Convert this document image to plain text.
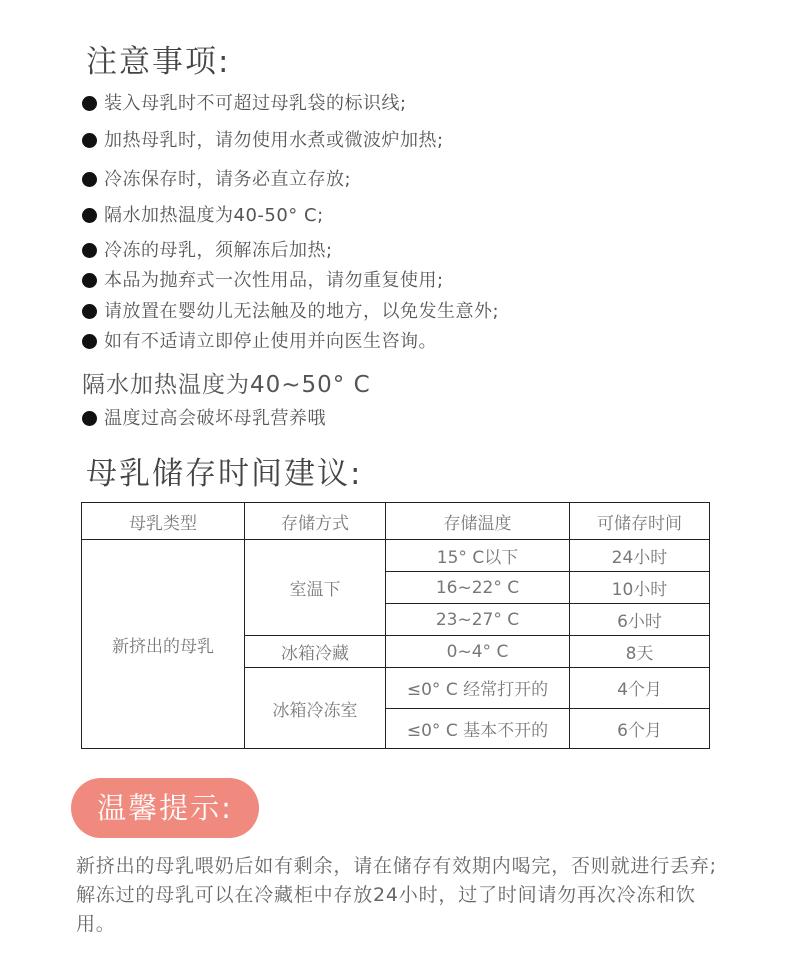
注意事项:
装入母乳时不可超过母乳袋的标识线;
加热母乳时，请勿使用水煮或微波炉加热;
冷冻保存时，请务必直立存放;
隔水加热温度为40-50° C;
冷冻的母乳，须解冻后加热;
本品为抛弃式一次性用品，请勿重复使用;
请放置在婴幼儿无法触及的地方，以免发生意外;
如有不适请立即停止使用并向医生咨询。
隔水加热温度为40~50° C
温度过高会破坏母乳营养哦
母乳储存时间建议:
母乳类型	存储方式	存储温度	可储存时间
新挤出的母乳	室温下	15° C以下	24小时
		16~22° C	10小时
		23~27° C	6小时
	冰箱冷藏	0~4° C	8天
	冰箱冷冻室	≤0° C 经常打开的	4个月
		≤0° C 基本不开的	6个月
温馨提示:

新挤出的母乳喂奶后如有剩余，请在储存有效期内喝完，否则就进行丢弃; 解冻过的母乳可以在冷藏柜中存放24小时，过了时间请勿再次冷冻和饮用。
